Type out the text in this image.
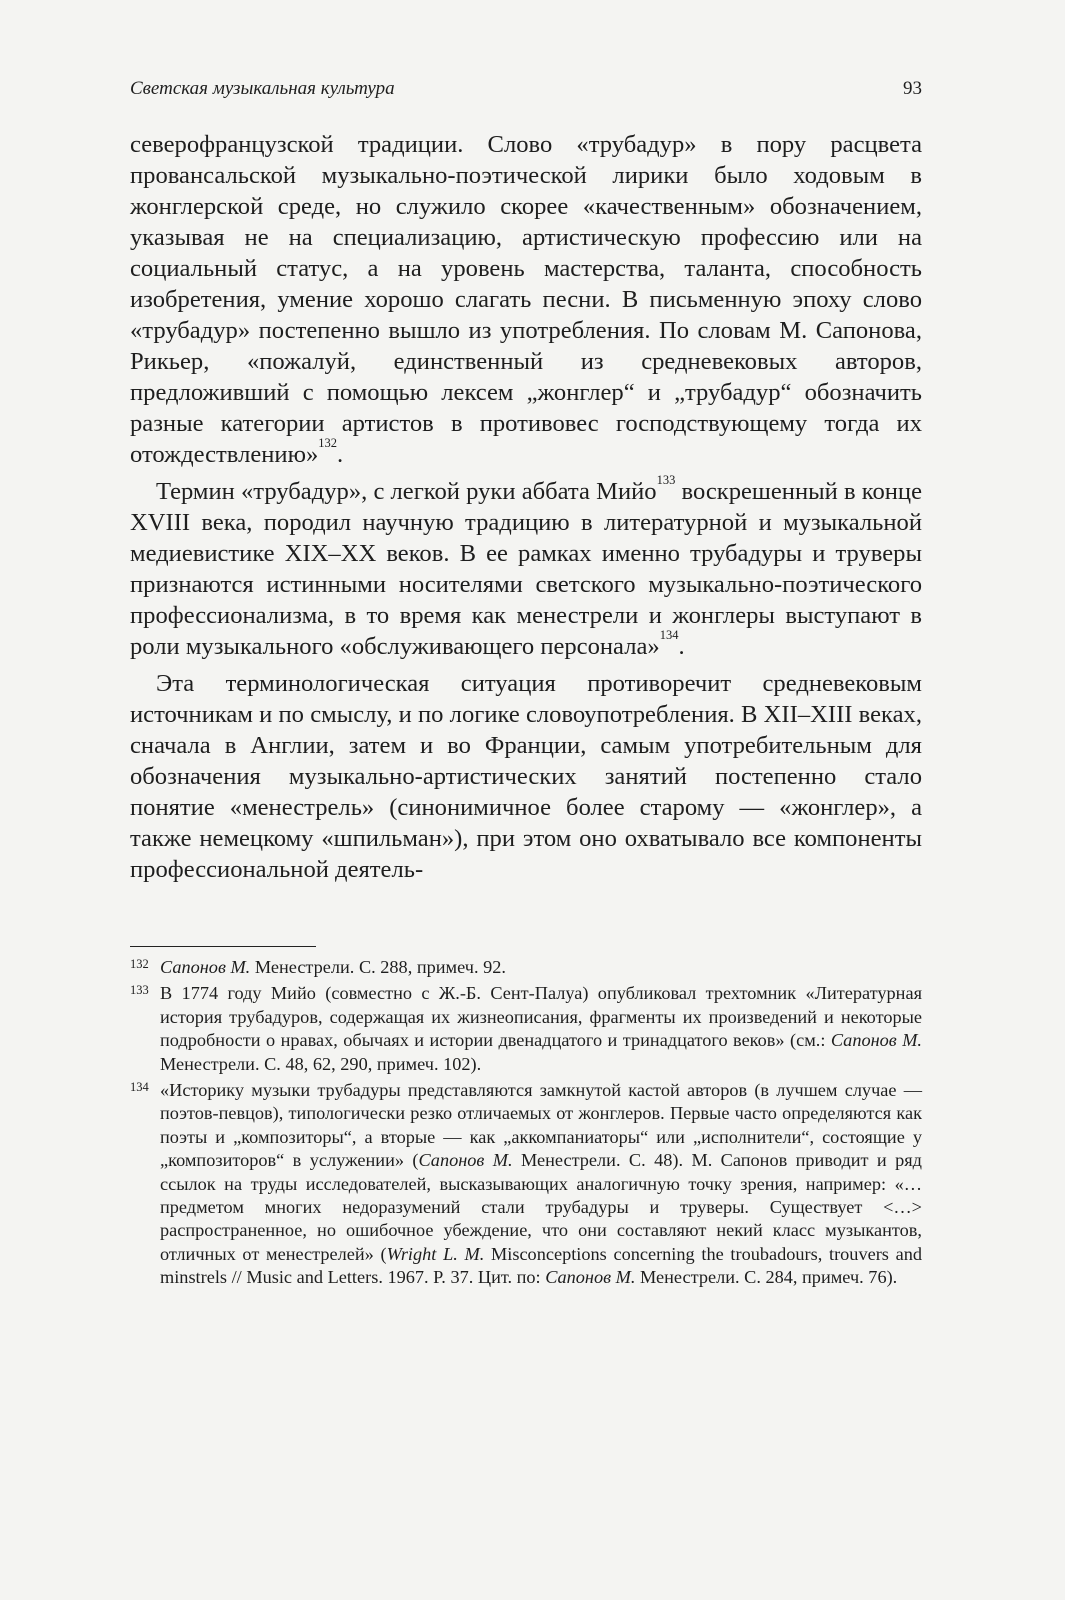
Светская музыкальная культура	93

северофранцузской традиции. Слово «трубадур» в пору расцвета провансальской музыкально-поэтической лирики было ходовым в жонглерской среде, но служило скорее «качественным» обозначением, указывая не на специализацию, артистическую профессию или на социальный статус, а на уровень мастерства, таланта, способность изобретения, умение хорошо слагать песни. В письменную эпоху слово «трубадур» постепенно вышло из употребления. По словам М. Сапонова, Рикьер, «пожалуй, единственный из средневековых авторов, предложивший с помощью лексем „жонглер“ и „трубадур“ обозначить разные категории артистов в противовес господствующему тогда их отождествлению»$^{132}$.

Термин «трубадур», с легкой руки аббата Мийо$^{133}$ воскрешенный в конце XVIII века, породил научную традицию в литературной и музыкальной медиевистике XIX–XX веков. В ее рамках именно трубадуры и труверы признаются истинными носителями светского музыкально-поэтического профессионализма, в то время как менестрели и жонглеры выступают в роли музыкального «обслуживающего персонала»$^{134}$.

Эта терминологическая ситуация противоречит средневековым источникам и по смыслу, и по логике словоупотребления. В XII–XIII веках, сначала в Англии, затем и во Франции, самым употребительным для обозначения музыкально-артистических занятий постепенно стало понятие «менестрель» (синонимичное более старому — «жонглер», а также немецкому «шпильман»), при этом оно охватывало все компоненты профессиональной деятель-

132 Сапонов М. Менестрели. С. 288, примеч. 92.

133 В 1774 году Мийо (совместно с Ж.-Б. Сент-Палуа) опубликовал трехтомник «Литературная история трубадуров, содержащая их жизнеописания, фрагменты их произведений и некоторые подробности о нравах, обычаях и истории двенадцатого и тринадцатого веков» (см.: Сапонов М. Менестрели. С. 48, 62, 290, примеч. 102).

134 «Историку музыки трубадуры представляются замкнутой кастой авторов (в лучшем случае — поэтов-певцов), типологически резко отличаемых от жонглеров. Первые часто определяются как поэты и „композиторы“, а вторые — как „аккомпаниаторы“ или „исполнители“, состоящие у „композиторов“ в услужении» (Сапонов М. Менестрели. С. 48). М. Сапонов приводит и ряд ссылок на труды исследователей, высказывающих аналогичную точку зрения, например: «…предметом многих недоразумений стали трубадуры и труверы. Существует <…> распространенное, но ошибочное убеждение, что они составляют некий класс музыкантов, отличных от менестрелей» (Wright L. M. Misconceptions concerning the troubadours, trouvers and minstrels // Music and Letters. 1967. P. 37. Цит. по: Сапонов М. Менестрели. С. 284, примеч. 76).
